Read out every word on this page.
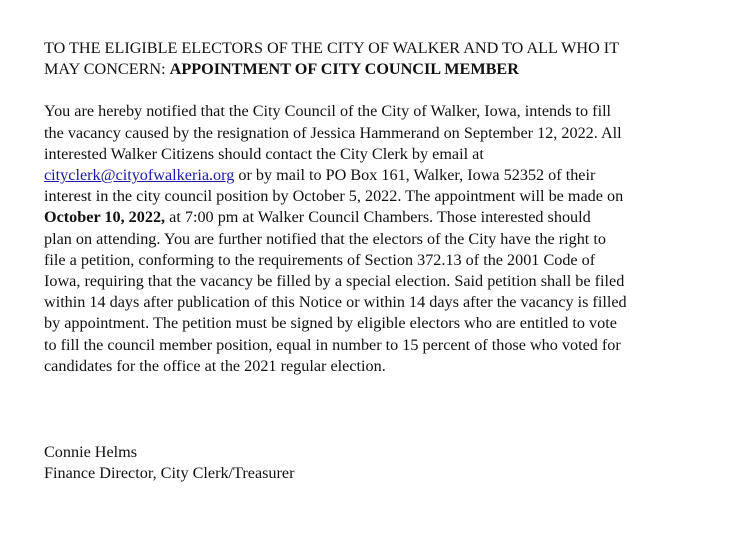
TO THE ELIGIBLE ELECTORS OF THE CITY OF WALKER AND TO ALL WHO IT
MAY CONCERN: APPOINTMENT OF CITY COUNCIL MEMBER
You are hereby notified that the City Council of the City of Walker, Iowa, intends to fill
the vacancy caused by the resignation of Jessica Hammerand on September 12, 2022. All
interested Walker Citizens should contact the City Clerk by email at
cityclerk@cityofwalkeria.org or by mail to PO Box 161, Walker, Iowa 52352 of their
interest in the city council position by October 5, 2022. The appointment will be made on
October 10, 2022, at 7:00 pm at Walker Council Chambers. Those interested should
plan on attending. You are further notified that the electors of the City have the right to
file a petition, conforming to the requirements of Section 372.13 of the 2001 Code of
Iowa, requiring that the vacancy be filled by a special election. Said petition shall be filed
within 14 days after publication of this Notice or within 14 days after the vacancy is filled
by appointment. The petition must be signed by eligible electors who are entitled to vote
to fill the council member position, equal in number to 15 percent of those who voted for
candidates for the office at the 2021 regular election.
Connie Helms
Finance Director, City Clerk/Treasurer
